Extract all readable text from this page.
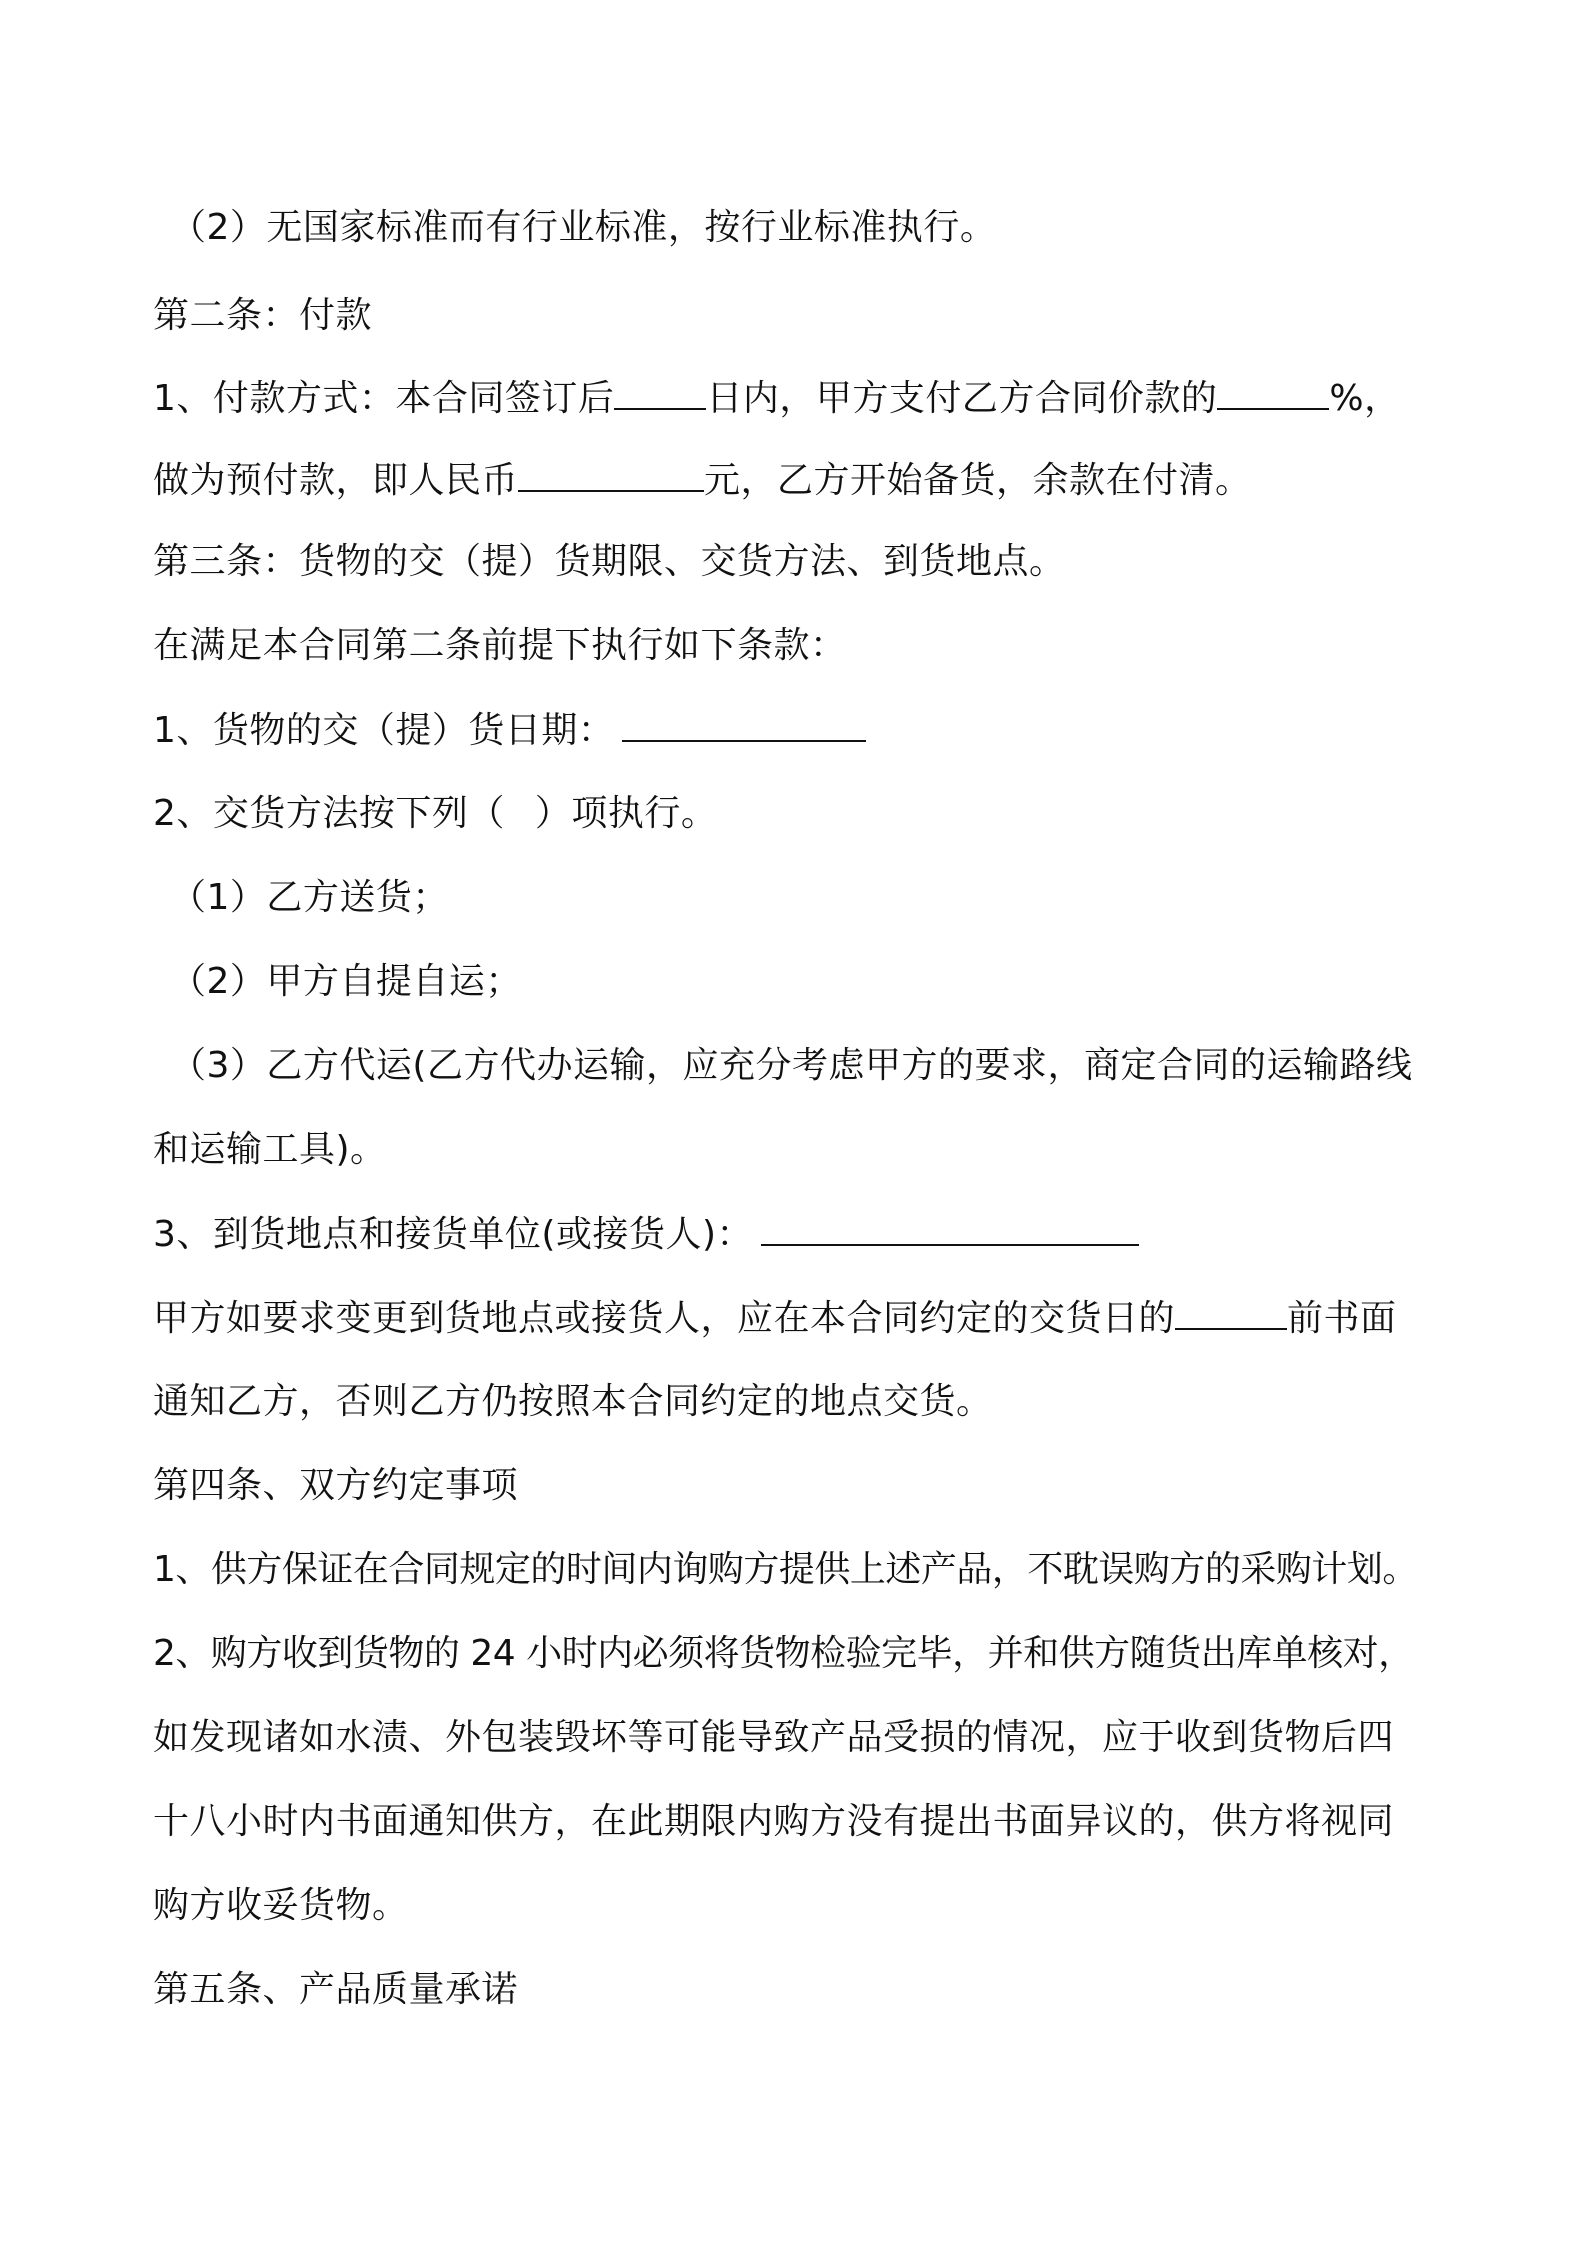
（2）无国家标准而有行业标准，按行业标准执行。
第二条：付款
1、付款方式：本合同签订后	日内，甲方支付乙方合同价款的	%，
做为预付款，即人民币	元，乙方开始备货，余款在付清。
第三条：货物的交（提）货期限、交货方法、到货地点。
在满足本合同第二条前提下执行如下条款：
1、货物的交（提）货日期：
2、交货方法按下列（ ）项执行。
（1）乙方送货；
（2）甲方自提自运；
（3）乙方代运(乙方代办运输，应充分考虑甲方的要求，商定合同的运输路线
和运输工具)。
3、到货地点和接货单位(或接货人)：
甲方如要求变更到货地点或接货人，应在本合同约定的交货日的	前书面
通知乙方，否则乙方仍按照本合同约定的地点交货。
第四条、双方约定事项
1、供方保证在合同规定的时间内询购方提供上述产品，不耽误购方的采购计划。
2、购方收到货物的 24 小时内必须将货物检验完毕，并和供方随货出库单核对，
如发现诸如水渍、外包装毁坏等可能导致产品受损的情况，应于收到货物后四
十八小时内书面通知供方，在此期限内购方没有提出书面异议的，供方将视同
购方收妥货物。
第五条、产品质量承诺
